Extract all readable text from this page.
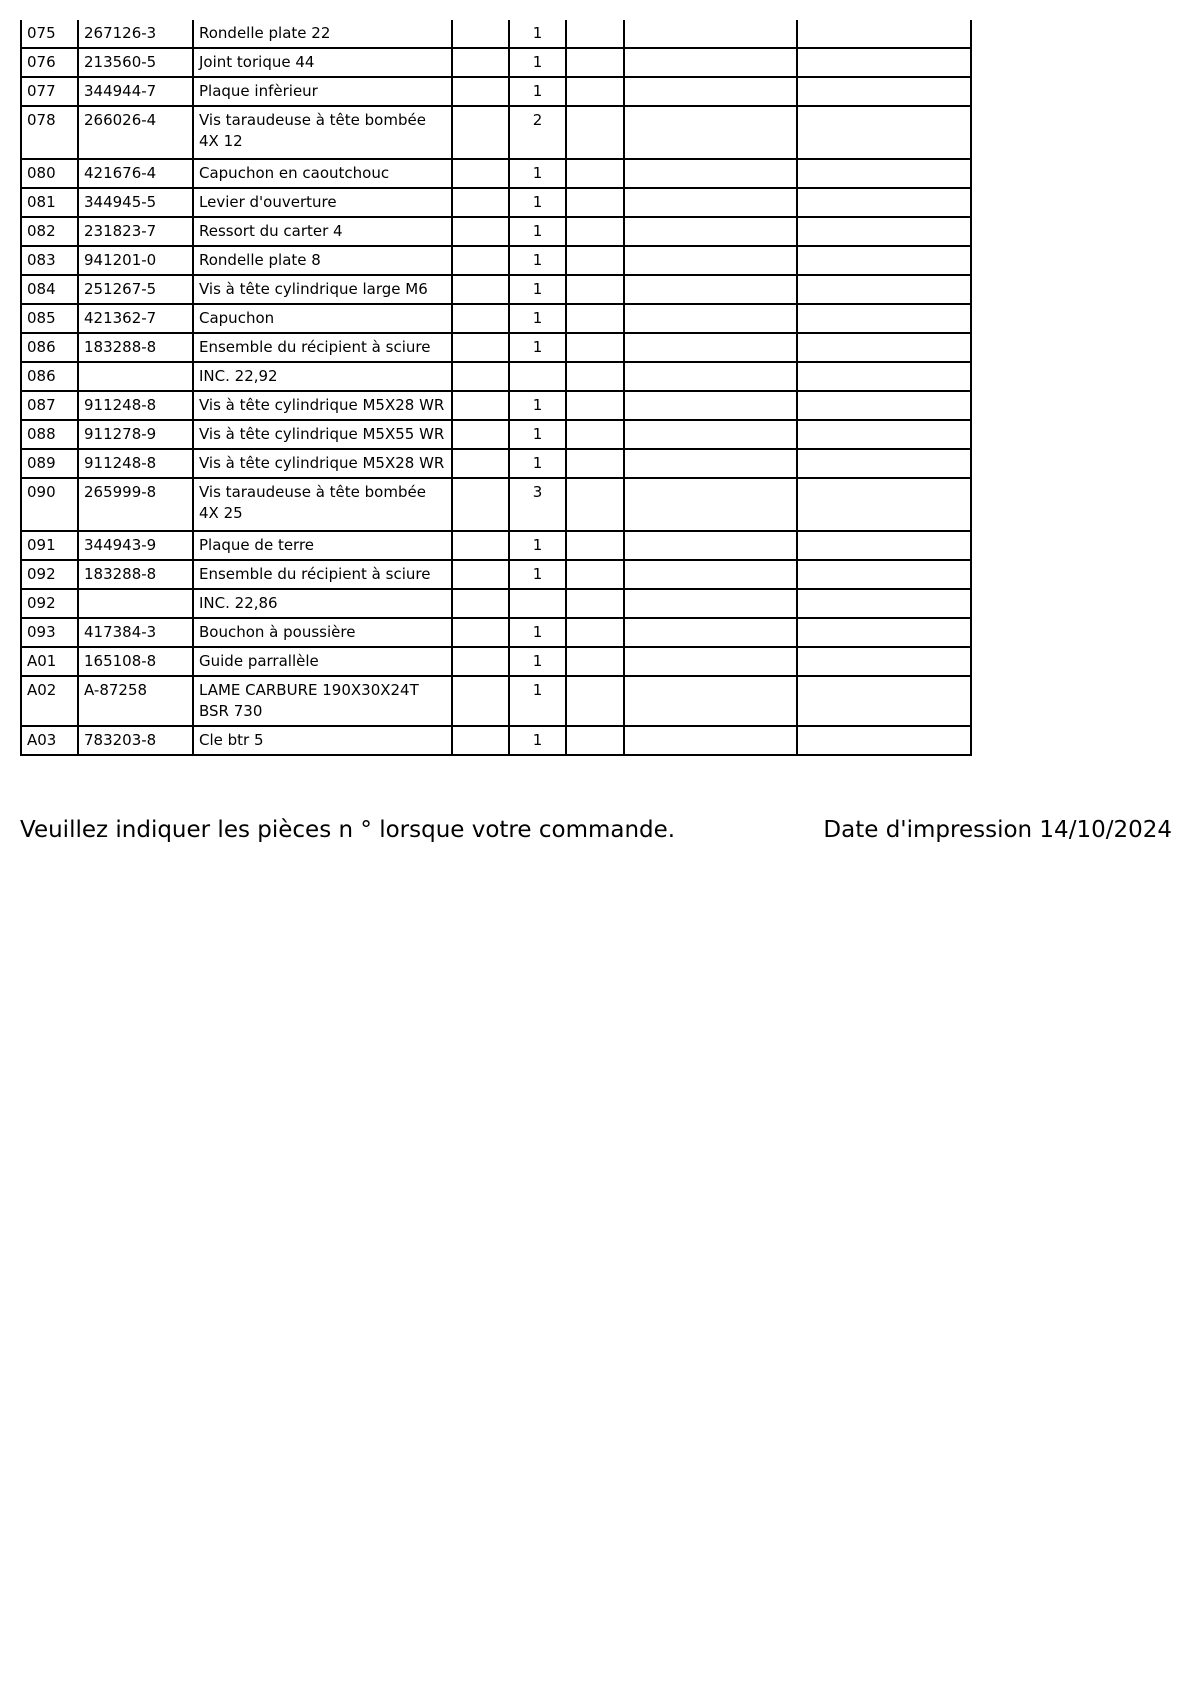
075	267126-3	Rondelle plate 22		1			
076	213560-5	Joint torique 44		1			
077	344944-7	Plaque infèrieur		1			
078	266026-4	Vis taraudeuse à tête bombée 4X 12		2			
080	421676-4	Capuchon en caoutchouc		1			
081	344945-5	Levier d'ouverture		1			
082	231823-7	Ressort du carter 4		1			
083	941201-0	Rondelle plate 8		1			
084	251267-5	Vis à tête cylindrique large M6		1			
085	421362-7	Capuchon		1			
086	183288-8	Ensemble du récipient à sciure		1			
086		INC. 22,92					
087	911248-8	Vis à tête cylindrique M5X28 WR		1			
088	911278-9	Vis à tête cylindrique M5X55 WR		1			
089	911248-8	Vis à tête cylindrique M5X28 WR		1			
090	265999-8	Vis taraudeuse à tête bombée 4X 25		3			
091	344943-9	Plaque de terre		1			
092	183288-8	Ensemble du récipient à sciure		1			
092		INC. 22,86					
093	417384-3	Bouchon à poussière		1			
A01	165108-8	Guide parrallèle		1			
A02	A-87258	LAME CARBURE 190X30X24T BSR 730		1			
A03	783203-8	Cle btr 5		1			
Veuillez indiquer les pièces n ° lorsque votre commande.	Date d'impression 14/10/2024
